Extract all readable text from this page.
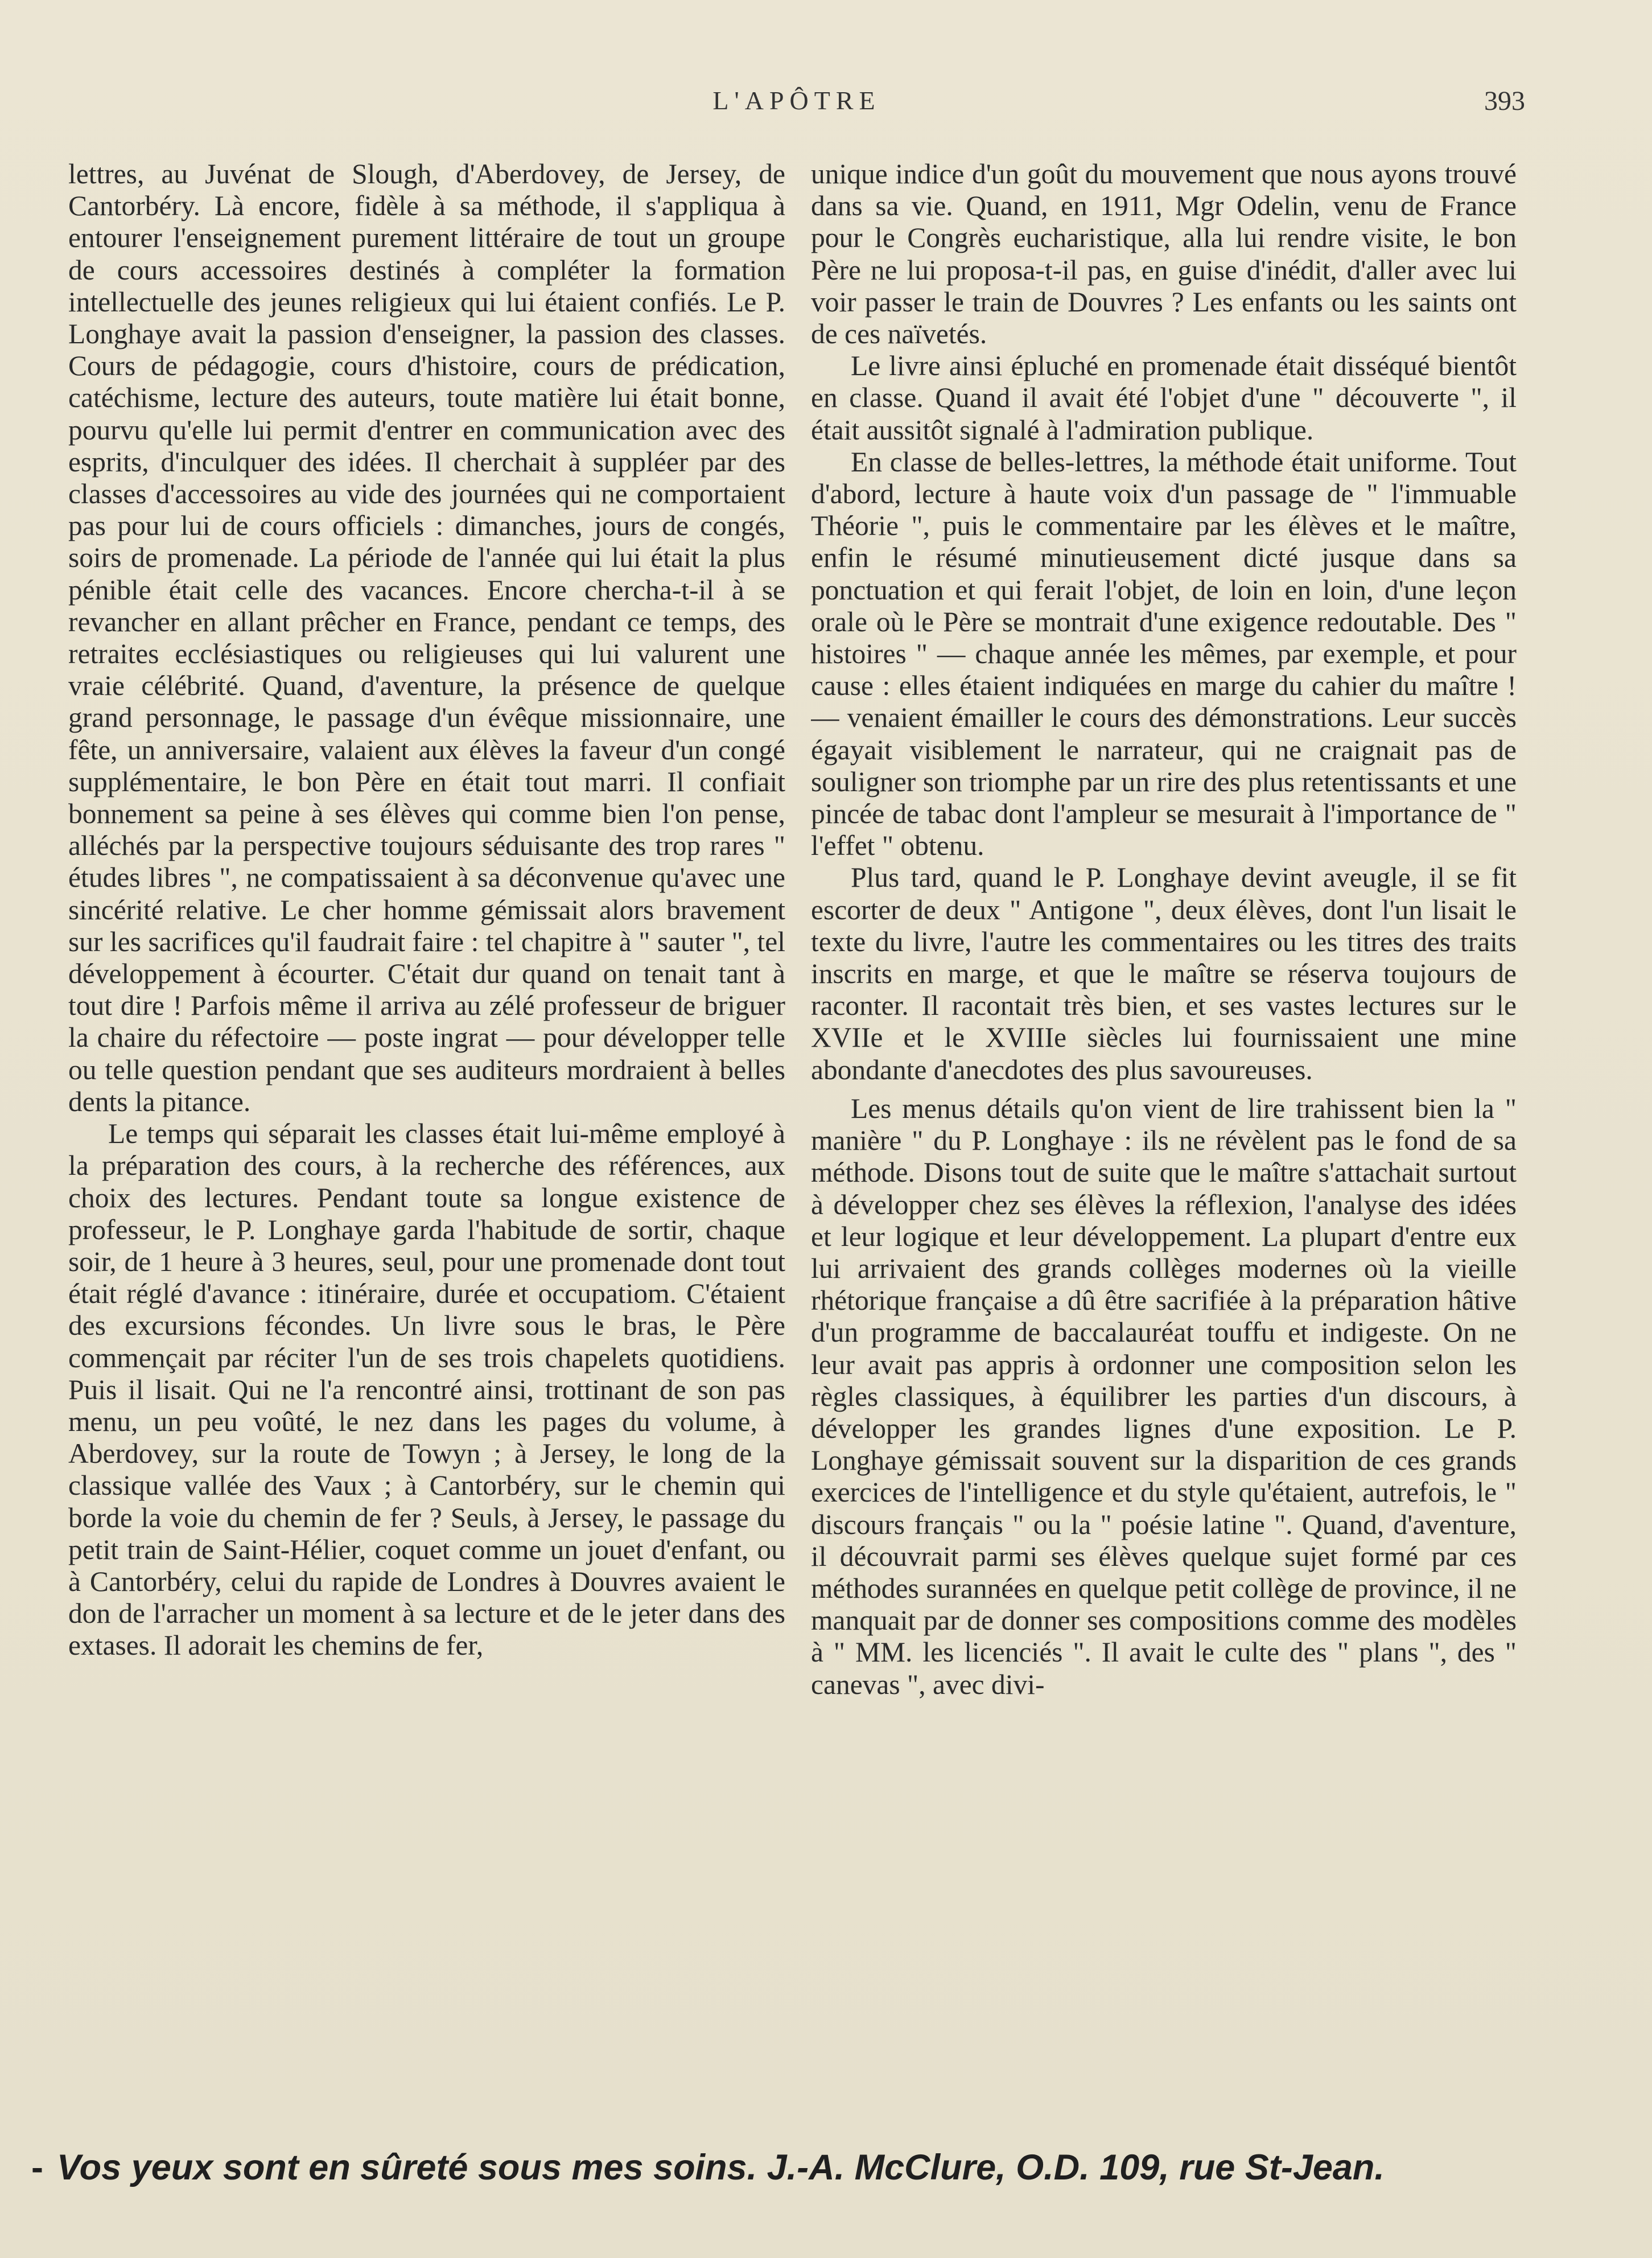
L'APÔTRE	393

lettres, au Juvénat de Slough, d'Aberdovey, de Jersey, de Cantorbéry. Là encore, fidèle à sa méthode, il s'appliqua à entourer l'enseignement purement littéraire de tout un groupe de cours accessoires destinés à compléter la formation intellectuelle des jeunes religieux qui lui étaient confiés. Le P. Longhaye avait la passion d'enseigner, la passion des classes. Cours de pédagogie, cours d'histoire, cours de prédication, catéchisme, lecture des auteurs, toute matière lui était bonne, pourvu qu'elle lui permit d'entrer en communication avec des esprits, d'inculquer des idées. Il cherchait à suppléer par des classes d'accessoires au vide des journées qui ne comportaient pas pour lui de cours officiels : dimanches, jours de congés, soirs de promenade. La période de l'année qui lui était la plus pénible était celle des vacances. Encore chercha-t-il à se revancher en allant prêcher en France, pendant ce temps, des retraites ecclésiastiques ou religieuses qui lui valurent une vraie célébrité. Quand, d'aventure, la présence de quelque grand personnage, le passage d'un évêque missionnaire, une fête, un anniversaire, valaient aux élèves la faveur d'un congé supplémentaire, le bon Père en était tout marri. Il confiait bonnement sa peine à ses élèves qui comme bien l'on pense, alléchés par la perspective toujours séduisante des trop rares " études libres ", ne compatissaient à sa déconvenue qu'avec une sincérité relative. Le cher homme gémissait alors bravement sur les sacrifices qu'il faudrait faire : tel chapitre à " sauter ", tel développement à écourter. C'était dur quand on tenait tant à tout dire ! Parfois même il arriva au zélé professeur de briguer la chaire du réfectoire — poste ingrat — pour développer telle ou telle question pendant que ses auditeurs mordraient à belles dents la pitance.

Le temps qui séparait les classes était lui-même employé à la préparation des cours, à la recherche des références, aux choix des lectures. Pendant toute sa longue existence de professeur, le P. Longhaye garda l'habitude de sortir, chaque soir, de 1 heure à 3 heures, seul, pour une promenade dont tout était réglé d'avance : itinéraire, durée et occupatiom. C'étaient des excursions fécondes. Un livre sous le bras, le Père commençait par réciter l'un de ses trois chapelets quotidiens. Puis il lisait. Qui ne l'a rencontré ainsi, trottinant de son pas menu, un peu voûté, le nez dans les pages du volume, à Aberdovey, sur la route de Towyn ; à Jersey, le long de la classique vallée des Vaux ; à Cantorbéry, sur le chemin qui borde la voie du chemin de fer ? Seuls, à Jersey, le passage du petit train de Saint-Hélier, coquet comme un jouet d'enfant, ou à Cantorbéry, celui du rapide de Londres à Douvres avaient le don de l'arracher un moment à sa lecture et de le jeter dans des extases. Il adorait les chemins de fer,

unique indice d'un goût du mouvement que nous ayons trouvé dans sa vie. Quand, en 1911, Mgr Odelin, venu de France pour le Congrès eucharistique, alla lui rendre visite, le bon Père ne lui proposa-t-il pas, en guise d'inédit, d'aller avec lui voir passer le train de Douvres ? Les enfants ou les saints ont de ces naïvetés.

Le livre ainsi épluché en promenade était disséqué bientôt en classe. Quand il avait été l'objet d'une " découverte ", il était aussitôt signalé à l'admiration publique.

En classe de belles-lettres, la méthode était uniforme. Tout d'abord, lecture à haute voix d'un passage de " l'immuable Théorie ", puis le commentaire par les élèves et le maître, enfin le résumé minutieusement dicté jusque dans sa ponctuation et qui ferait l'objet, de loin en loin, d'une leçon orale où le Père se montrait d'une exigence redoutable. Des " histoires " — chaque année les mêmes, par exemple, et pour cause : elles étaient indiquées en marge du cahier du maître ! — venaient émailler le cours des démonstrations. Leur succès égayait visiblement le narrateur, qui ne craignait pas de souligner son triomphe par un rire des plus retentissants et une pincée de tabac dont l'ampleur se mesurait à l'importance de " l'effet " obtenu.

Plus tard, quand le P. Longhaye devint aveugle, il se fit escorter de deux " Antigone ", deux élèves, dont l'un lisait le texte du livre, l'autre les commentaires ou les titres des traits inscrits en marge, et que le maître se réserva toujours de raconter. Il racontait très bien, et ses vastes lectures sur le XVIIe et le XVIIIe siècles lui fournissaient une mine abondante d'anecdotes des plus savoureuses.

Les menus détails qu'on vient de lire trahissent bien la " manière " du P. Longhaye : ils ne révèlent pas le fond de sa méthode. Disons tout de suite que le maître s'attachait surtout à développer chez ses élèves la réflexion, l'analyse des idées et leur logique et leur développement. La plupart d'entre eux lui arrivaient des grands collèges modernes où la vieille rhétorique française a dû être sacrifiée à la préparation hâtive d'un programme de baccalauréat touffu et indigeste. On ne leur avait pas appris à ordonner une composition selon les règles classiques, à équilibrer les parties d'un discours, à développer les grandes lignes d'une exposition. Le P. Longhaye gémissait souvent sur la disparition de ces grands exercices de l'intelligence et du style qu'étaient, autrefois, le " discours français " ou la " poésie latine ". Quand, d'aventure, il découvrait parmi ses élèves quelque sujet formé par ces méthodes surannées en quelque petit collège de province, il ne manquait par de donner ses compositions comme des modèles à " MM. les licenciés ". Il avait le culte des " plans ", des " canevas ", avec divi-

- Vos yeux sont en sûreté sous mes soins. J.-A. McClure, O.D. 109, rue St-Jean.
